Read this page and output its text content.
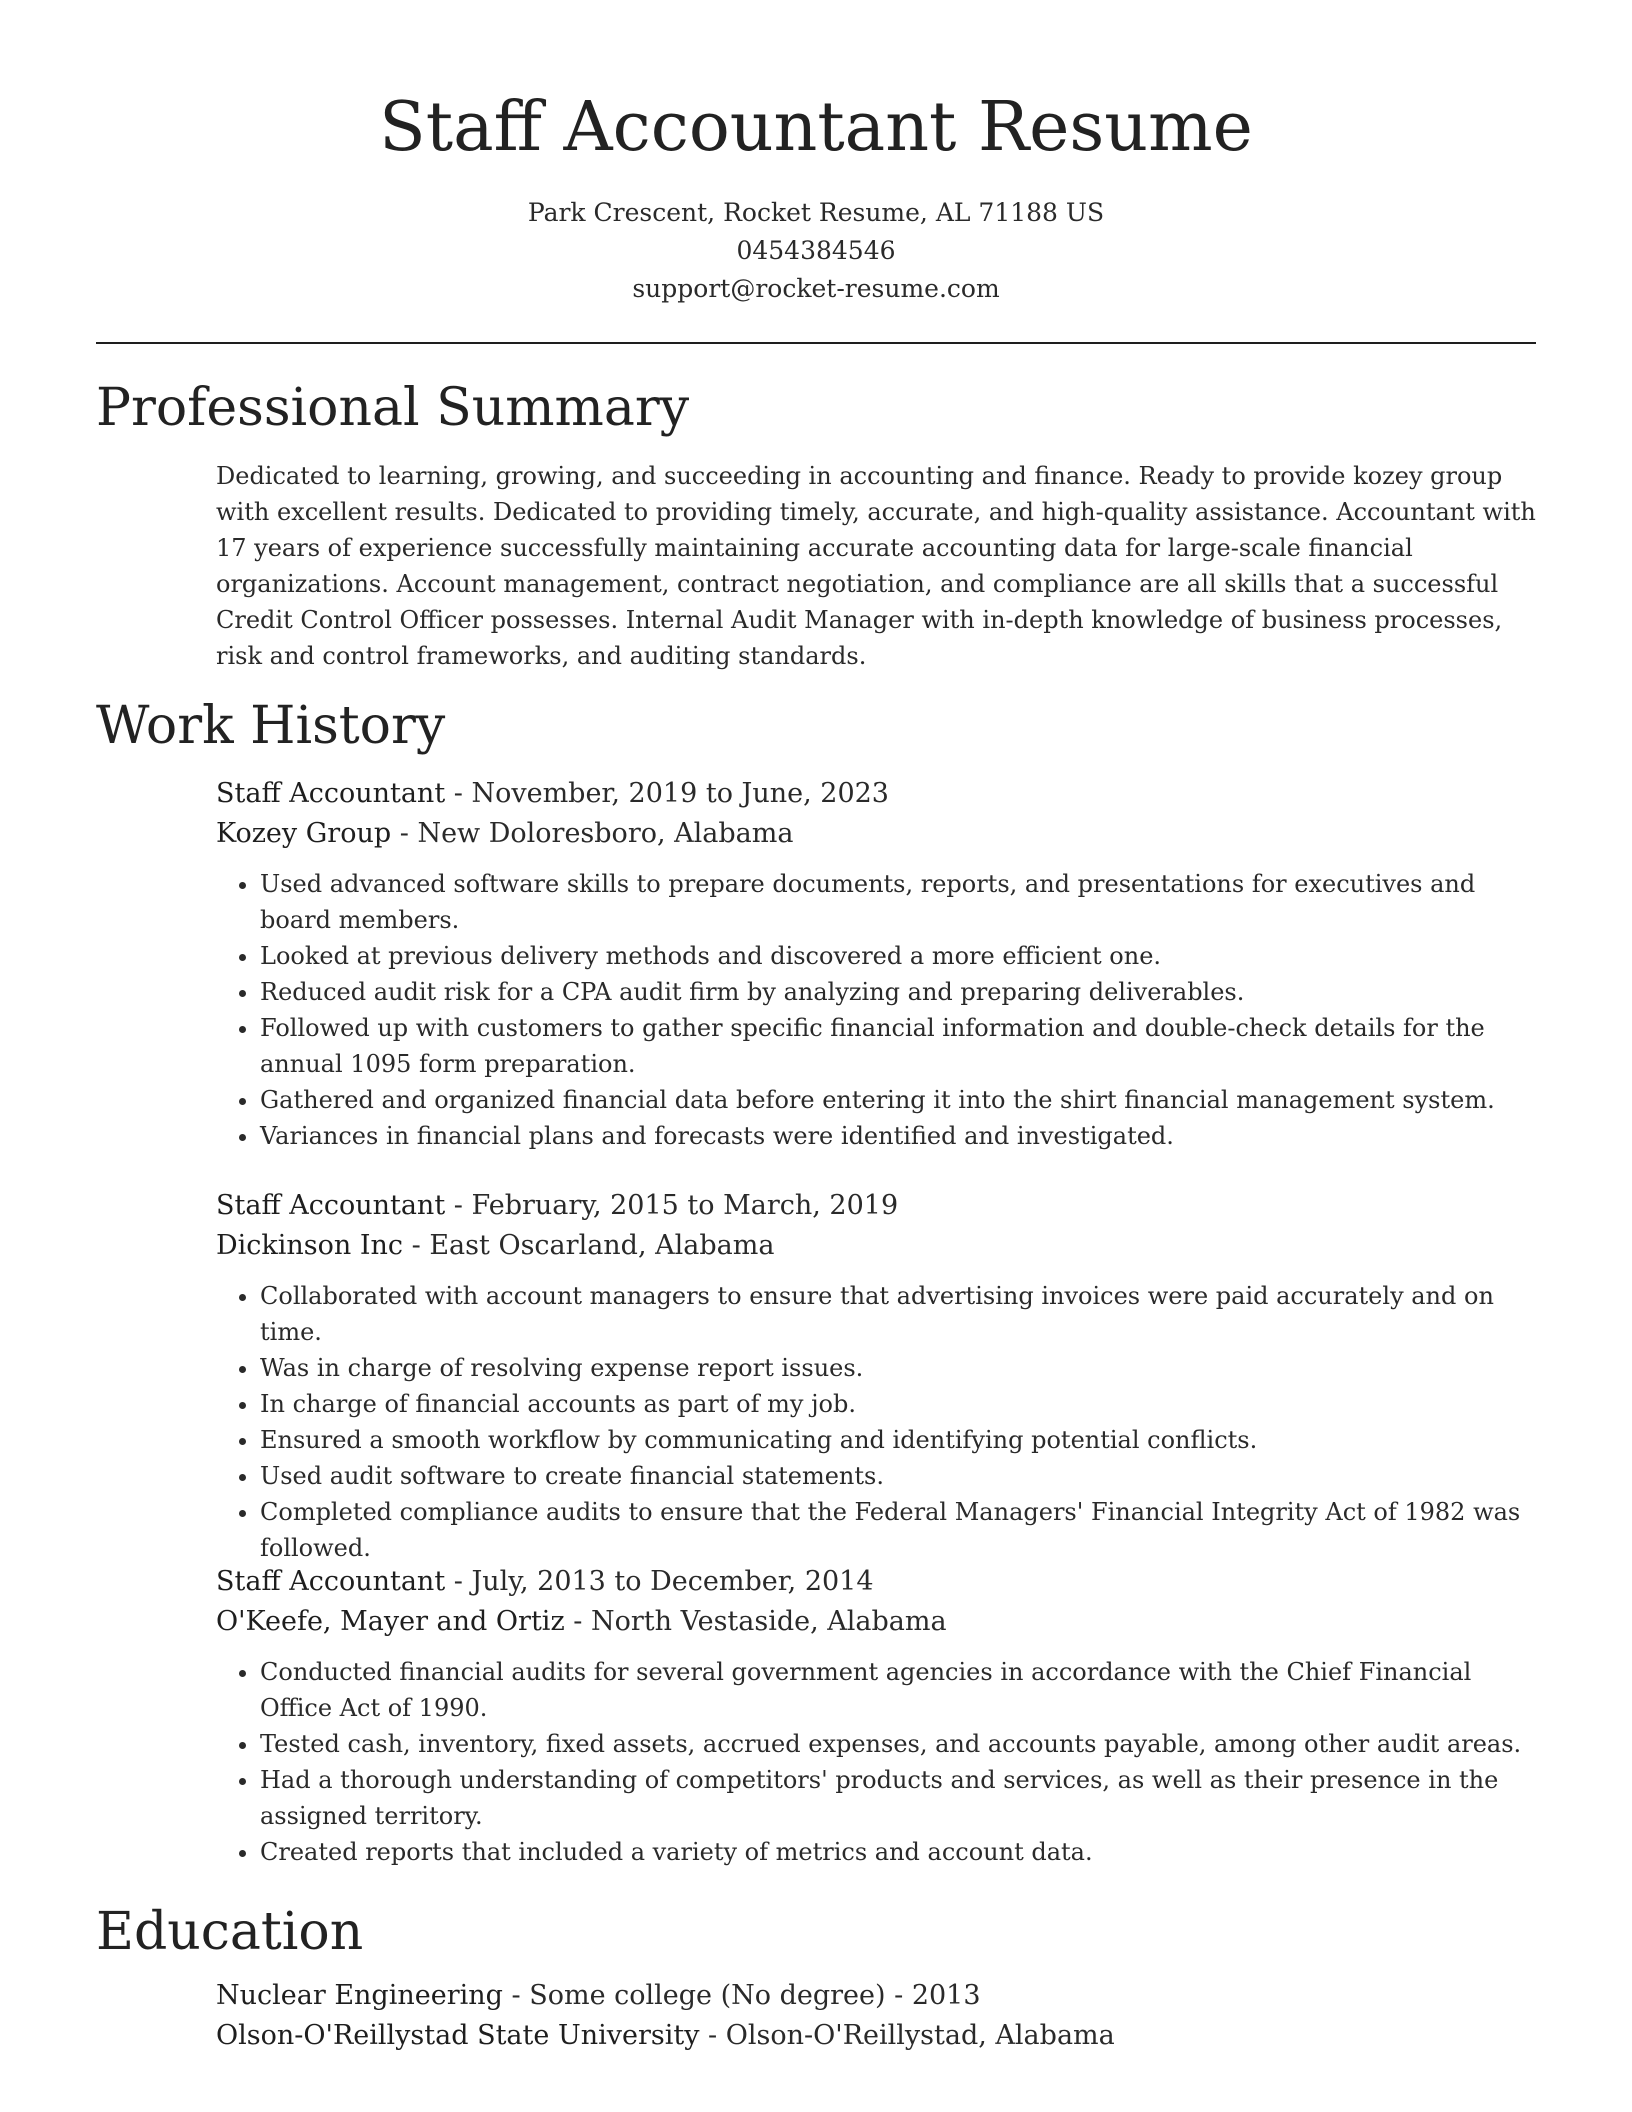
Staff Accountant Resume
Park Crescent, Rocket Resume, AL 71188 US
0454384546
support@rocket-resume.com
Professional Summary

Dedicated to learning, growing, and succeeding in accounting and finance. Ready to provide kozey group with excellent results. Dedicated to providing timely, accurate, and high-quality assistance. Accountant with 17 years of experience successfully maintaining accurate accounting data for large-scale financial organizations. Account management, contract negotiation, and compliance are all skills that a successful Credit Control Officer possesses. Internal Audit Manager with in-depth knowledge of business processes, risk and control frameworks, and auditing standards.

Work History
Staff Accountant - November, 2019 to June, 2023
Kozey Group - New Doloresboro, Alabama
• Used advanced software skills to prepare documents, reports, and presentations for executives and board members.
• Looked at previous delivery methods and discovered a more efficient one.
• Reduced audit risk for a CPA audit firm by analyzing and preparing deliverables.
• Followed up with customers to gather specific financial information and double-check details for the annual 1095 form preparation.
• Gathered and organized financial data before entering it into the shirt financial management system.
• Variances in financial plans and forecasts were identified and investigated.
Staff Accountant - February, 2015 to March, 2019
Dickinson Inc - East Oscarland, Alabama
• Collaborated with account managers to ensure that advertising invoices were paid accurately and on time.
• Was in charge of resolving expense report issues.
• In charge of financial accounts as part of my job.
• Ensured a smooth workflow by communicating and identifying potential conflicts.
• Used audit software to create financial statements.
• Completed compliance audits to ensure that the Federal Managers' Financial Integrity Act of 1982 was followed.
Staff Accountant - July, 2013 to December, 2014
O'Keefe, Mayer and Ortiz - North Vestaside, Alabama
• Conducted financial audits for several government agencies in accordance with the Chief Financial Office Act of 1990.
• Tested cash, inventory, fixed assets, accrued expenses, and accounts payable, among other audit areas.
• Had a thorough understanding of competitors' products and services, as well as their presence in the assigned territory.
• Created reports that included a variety of metrics and account data.
Education
Nuclear Engineering - Some college (No degree) - 2013
Olson-O'Reillystad State University - Olson-O'Reillystad, Alabama
